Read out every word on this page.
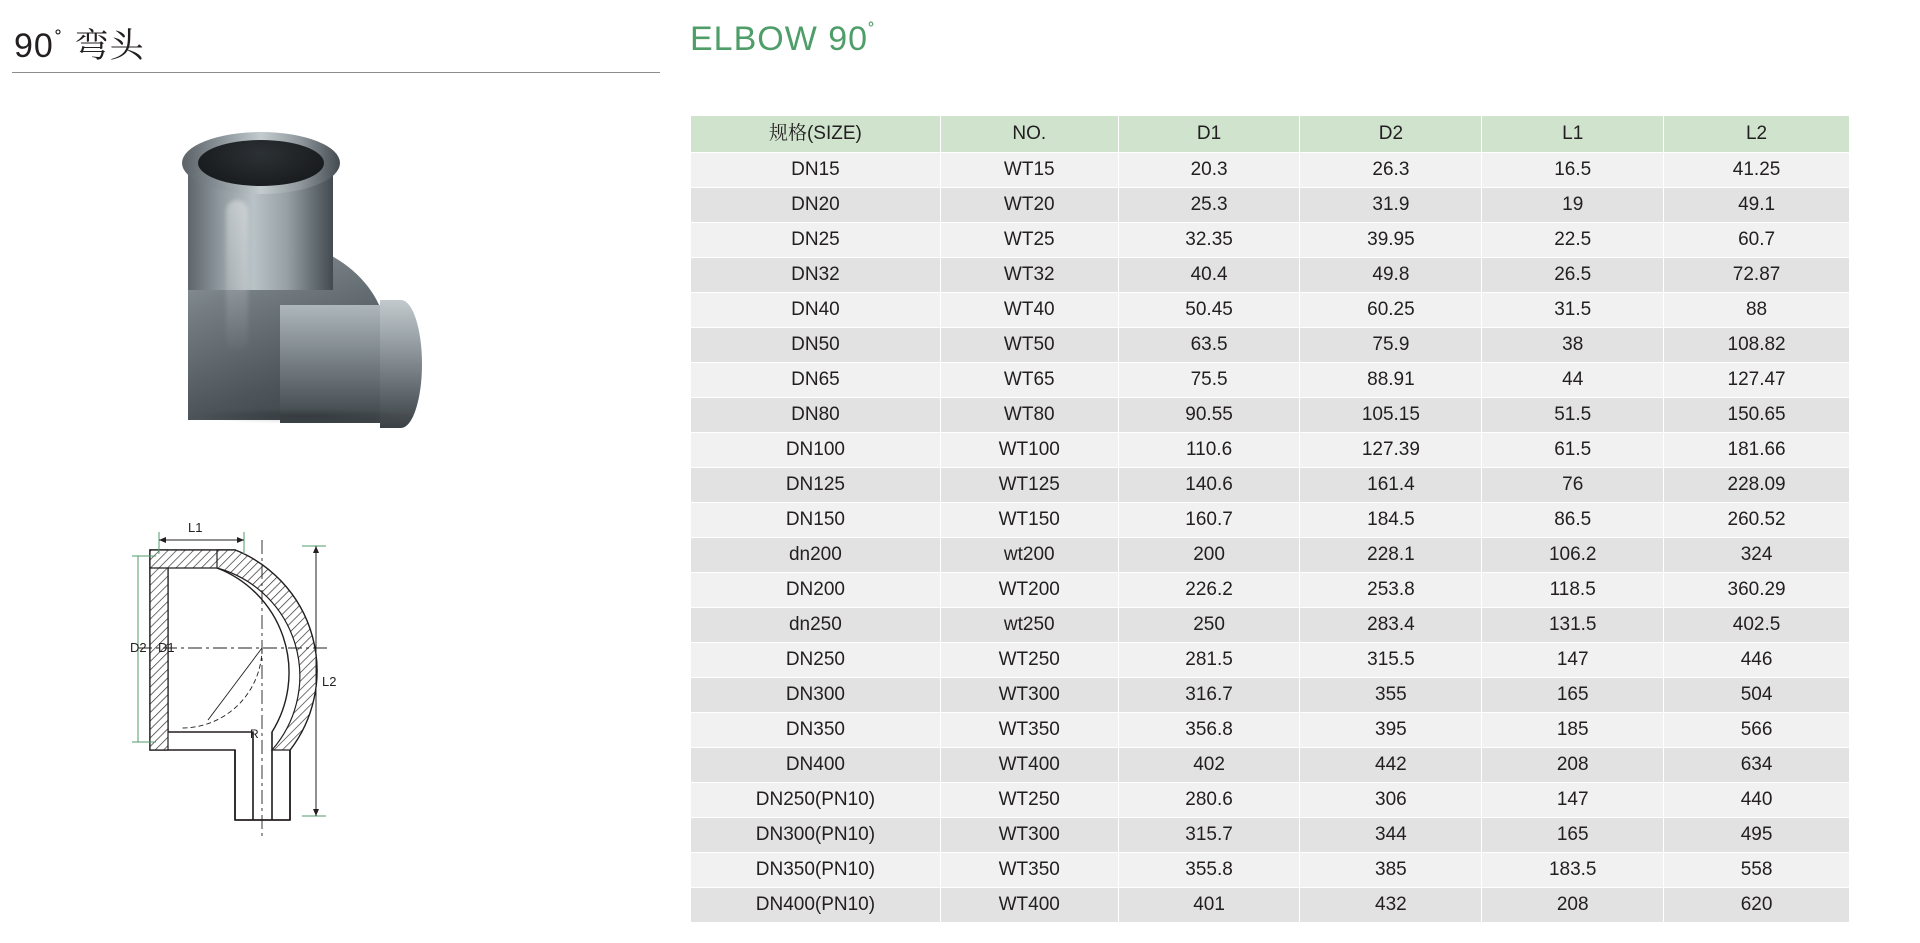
90˚ 弯头
R
L1
L2
D2 D1
ELBOW 90˚
规格(SIZE)	NO.	D1	D2	L1	L2
DN15	WT15	20.3	26.3	16.5	41.25
DN20	WT20	25.3	31.9	19	49.1
DN25	WT25	32.35	39.95	22.5	60.7
DN32	WT32	40.4	49.8	26.5	72.87
DN40	WT40	50.45	60.25	31.5	88
DN50	WT50	63.5	75.9	38	108.82
DN65	WT65	75.5	88.91	44	127.47
DN80	WT80	90.55	105.15	51.5	150.65
DN100	WT100	110.6	127.39	61.5	181.66
DN125	WT125	140.6	161.4	76	228.09
DN150	WT150	160.7	184.5	86.5	260.52
dn200	wt200	200	228.1	106.2	324
DN200	WT200	226.2	253.8	118.5	360.29
dn250	wt250	250	283.4	131.5	402.5
DN250	WT250	281.5	315.5	147	446
DN300	WT300	316.7	355	165	504
DN350	WT350	356.8	395	185	566
DN400	WT400	402	442	208	634
DN250(PN10)	WT250	280.6	306	147	440
DN300(PN10)	WT300	315.7	344	165	495
DN350(PN10)	WT350	355.8	385	183.5	558
DN400(PN10)	WT400	401	432	208	620
